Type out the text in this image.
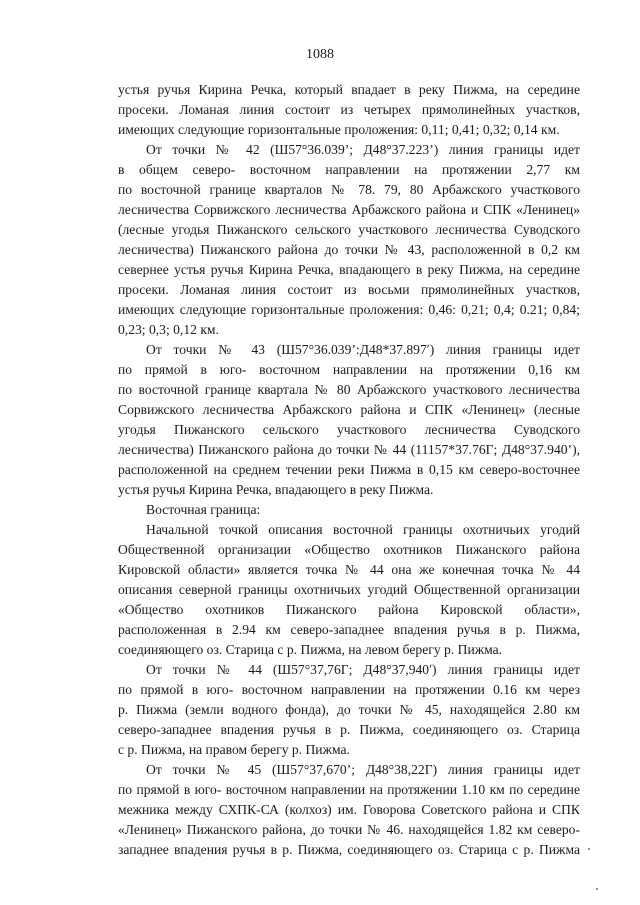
1088
устья ручья Кирина Речка, который впадает в реку Пижма, на середине
просеки. Ломаная линия состоит из четырех прямолинейных участков,
имеющих следующие горизонтальные проложения: 0,11; 0,41; 0,32; 0,14 км.
От точки № 42 (Ш57°36.039’; Д48°37.223’) линия границы идет
в общем северо- восточном направлении на протяжении 2,77 км
по восточной границе кварталов № 78. 79, 80 Арбажского участкового
лесничества Сорвижского лесничества Арбажского района и СПК «Ленинец»
(лесные угодья Пижанского сельского участкового лесничества Суводского
лесничества) Пижанского района до точки № 43, расположенной в 0,2 км
севернее устья ручья Кирина Речка, впадающего в реку Пижма, на середине
просеки. Ломаная линия состоит из восьми прямолинейных участков,
имеющих следующие горизонтальные проложения: 0,46: 0,21; 0,4; 0.21; 0,84;
0,23; 0,3; 0,12 км.
От точки № 43 (Ш57°36.039’:Д48*37.897ʹ) линия границы идет
по прямой в юго- восточном направлении на протяжении 0,16 км
по восточной границе квартала № 80 Арбажского участкового лесничества
Сорвижского лесничества Арбажского района и СПК «Ленинец» (лесные
угодья Пижанского сельского участкового лесничества Суводского
лесничества) Пижанского района до точки № 44 (11157*37.76Г; Д48°37.940’),
расположенной на среднем течении реки Пижма в 0,15 км северо-восточнее
устья ручья Кирина Речка, впадающего в реку Пижма.
Восточная граница:
Начальной точкой описания восточной границы охотничьих угодий
Общественной организации «Общество охотников Пижанского района
Кировской области» является точка № 44 она же конечная точка № 44
описания северной границы охотничьих угодий Общественной организации
«Общество охотников Пижанского района Кировской области»,
расположенная в 2.94 км северо-западнее впадения ручья в р. Пижма,
соединяющего оз. Старица с р. Пижма, на левом берегу р. Пижма.
От точки № 44 (Ш57°37,76Г; Д48°37,940ʹ) линия границы идет
по прямой в юго- восточном направлении на протяжении 0.16 км через
р. Пижма (земли водного фонда), до точки № 45, находящейся 2.80 км
северо-западнее впадения ручья в р. Пижма, соединяющего оз. Старица
с р. Пижма, на правом берегу р. Пижма.
От точки № 45 (Ш57°37,670’; Д48°38,22Г) линия границы идет
по прямой в юго- восточном направлении на протяжении 1.10 км по середине
межника между СХПК-СА (колхоз) им. Говорова Советского района и СПК
«Ленинец» Пижанского района, до точки № 46. находящейся 1.82 км северо-
западнее впадения ручья в р. Пижма, соединяющего оз. Старица с р. Пижма
